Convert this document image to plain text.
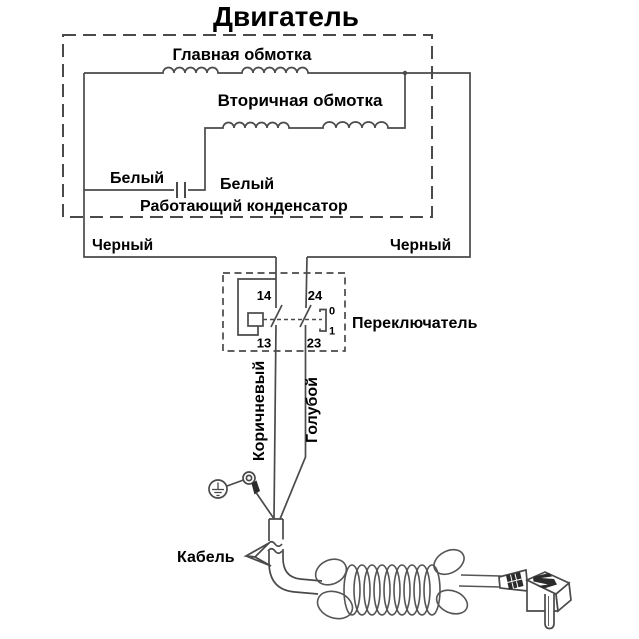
Двигатель
Главная обмотка
Вторичная обмотка
Белый	Белый
Работающий конденсатор
Черный	Черный
14	24
13	23
0
1 Переключатель
Коричневый Голубой
Кабель
